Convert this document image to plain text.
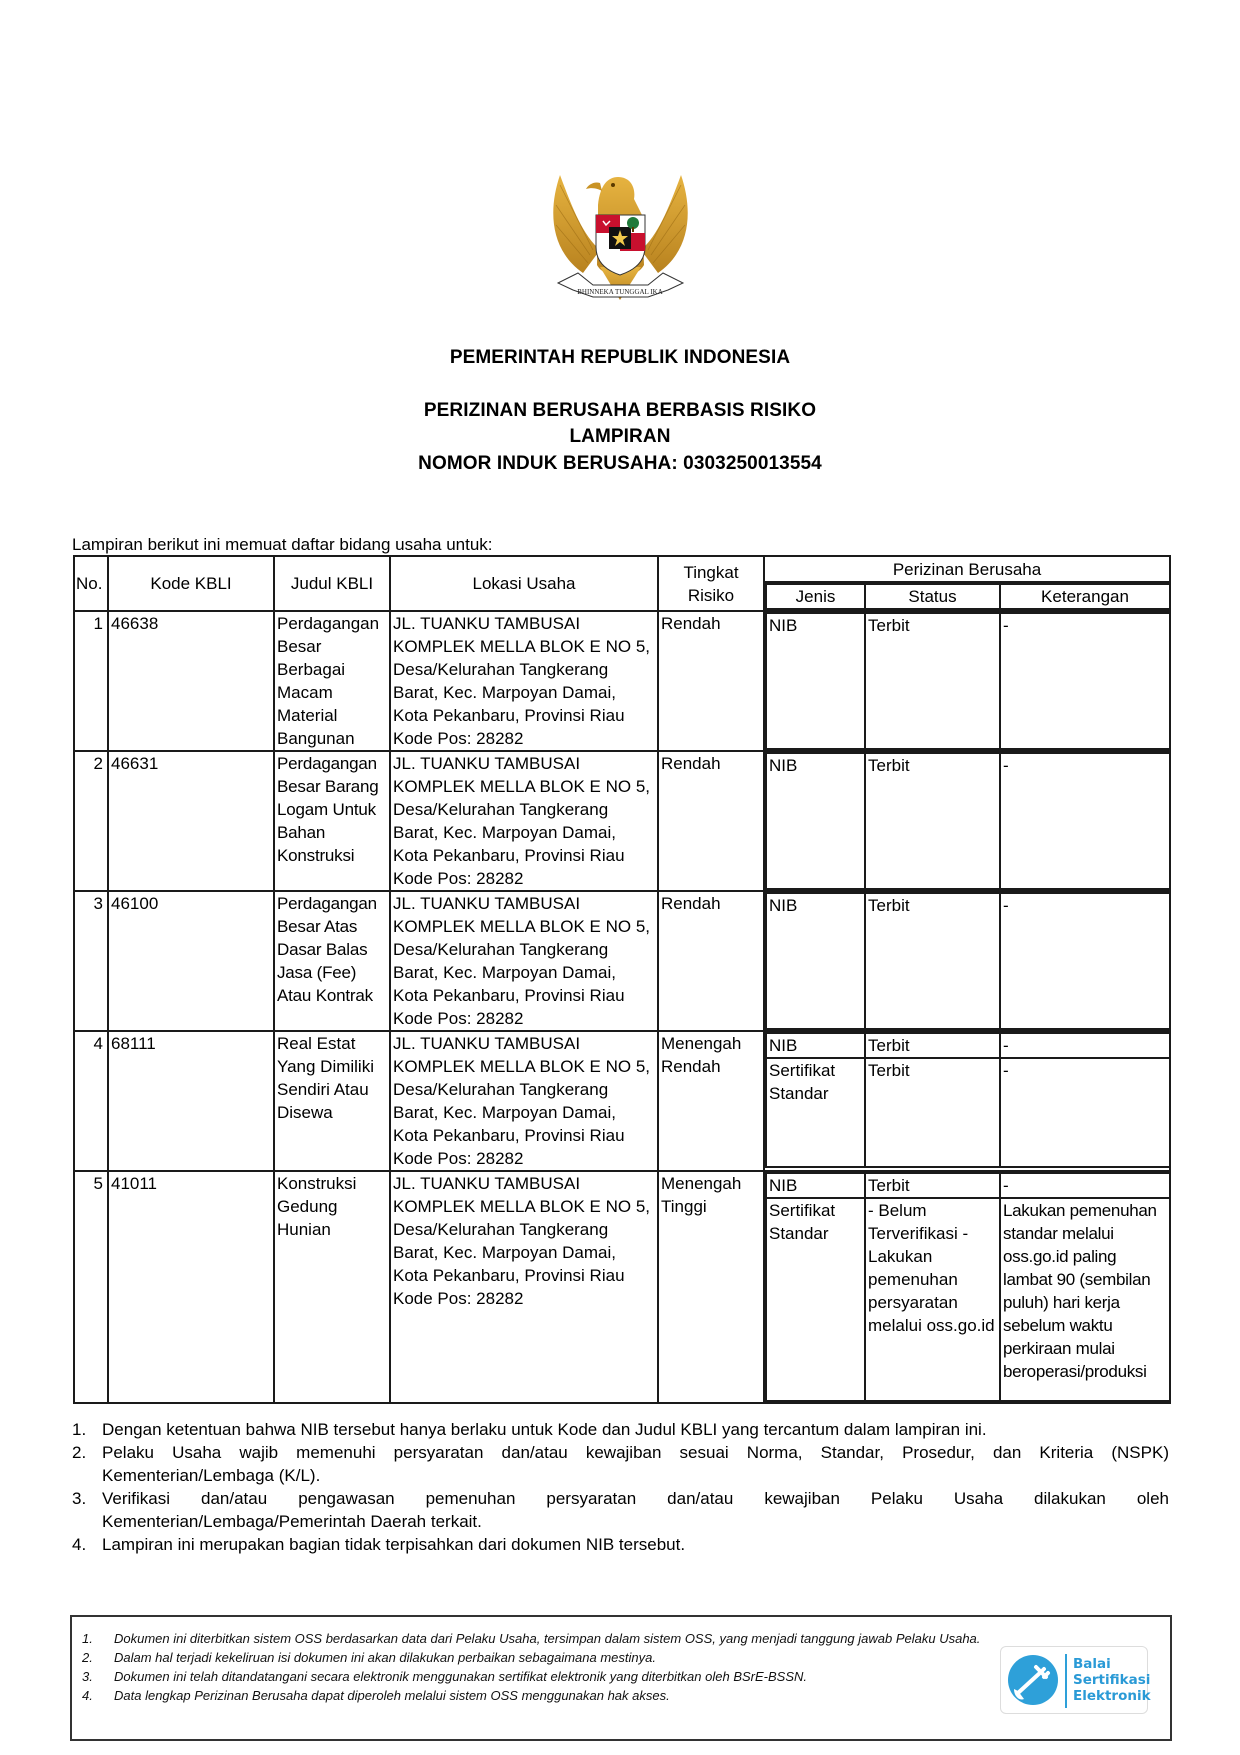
BHINNEKA TUNGGAL IKA
PEMERINTAH REPUBLIK INDONESIA
PERIZINAN BERUSAHA BERBASIS RISIKO
LAMPIRAN
NOMOR INDUK BERUSAHA: 0303250013554
Lampiran berikut ini memuat daftar bidang usaha untuk:
No.	Kode KBLI	Judul KBLI	Lokasi Usaha	Tingkat Risiko	Perizinan Berusaha

Jenis	Status	Keterangan

1	46638	Perdagangan Besar Berbagai Macam Material Bangunan	JL. TUANKU TAMBUSAI KOMPLEK MELLA BLOK E NO 5, Desa/Kelurahan Tangkerang Barat, Kec. Marpoyan Damai, Kota Pekanbaru, Provinsi Riau Kode Pos: 28282	Rendah		NIB	Terbit	-

2	46631	Perdagangan Besar Barang Logam Untuk Bahan Konstruksi	JL. TUANKU TAMBUSAI KOMPLEK MELLA BLOK E NO 5, Desa/Kelurahan Tangkerang Barat, Kec. Marpoyan Damai, Kota Pekanbaru, Provinsi Riau Kode Pos: 28282	Rendah		NIB	Terbit	-

3	46100	Perdagangan Besar Atas Dasar Balas Jasa (Fee) Atau Kontrak	JL. TUANKU TAMBUSAI KOMPLEK MELLA BLOK E NO 5, Desa/Kelurahan Tangkerang Barat, Kec. Marpoyan Damai, Kota Pekanbaru, Provinsi Riau Kode Pos: 28282	Rendah		NIB	Terbit	-

4	68111	Real Estat Yang Dimiliki Sendiri Atau Disewa	JL. TUANKU TAMBUSAI KOMPLEK MELLA BLOK E NO 5, Desa/Kelurahan Tangkerang Barat, Kec. Marpoyan Damai, Kota Pekanbaru, Provinsi Riau Kode Pos: 28282	Menengah Rendah	
NIB	Terbit	-
Sertifikat Standar	Terbit	-

5	41011	Konstruksi Gedung Hunian	JL. TUANKU TAMBUSAI KOMPLEK MELLA BLOK E NO 5, Desa/Kelurahan Tangkerang Barat, Kec. Marpoyan Damai, Kota Pekanbaru, Provinsi Riau Kode Pos: 28282	Menengah Tinggi	
NIB	Terbit	-
Sertifikat Standar	- Belum Terverifikasi - Lakukan pemenuhan persyaratan melalui oss.go.id	Lakukan pemenuhan standar melalui oss.go.id paling lambat 90 (sembilan puluh) hari kerja sebelum waktu perkiraan mulai beroperasi/produksi
1. Dengan ketentuan bahwa NIB tersebut hanya berlaku untuk Kode dan Judul KBLI yang tercantum dalam lampiran ini.
2. Pelaku Usaha wajib memenuhi persyaratan dan/atau kewajiban sesuai Norma, Standar, Prosedur, dan Kriteria (NSPK) Kementerian/Lembaga (K/L).
3. Verifikasi dan/atau pengawasan pemenuhan persyaratan dan/atau kewajiban Pelaku Usaha dilakukan oleh Kementerian/Lembaga/Pemerintah Daerah terkait.
4. Lampiran ini merupakan bagian tidak terpisahkan dari dokumen NIB tersebut.
1. Dokumen ini diterbitkan sistem OSS berdasarkan data dari Pelaku Usaha, tersimpan dalam sistem OSS, yang menjadi tanggung jawab Pelaku Usaha.
2. Dalam hal terjadi kekeliruan isi dokumen ini akan dilakukan perbaikan sebagaimana mestinya.
3. Dokumen ini telah ditandatangani secara elektronik menggunakan sertifikat elektronik yang diterbitkan oleh BSrE-BSSN.
4. Data lengkap Perizinan Berusaha dapat diperoleh melalui sistem OSS menggunakan hak akses.
Balai
Sertifikasi
Elektronik
